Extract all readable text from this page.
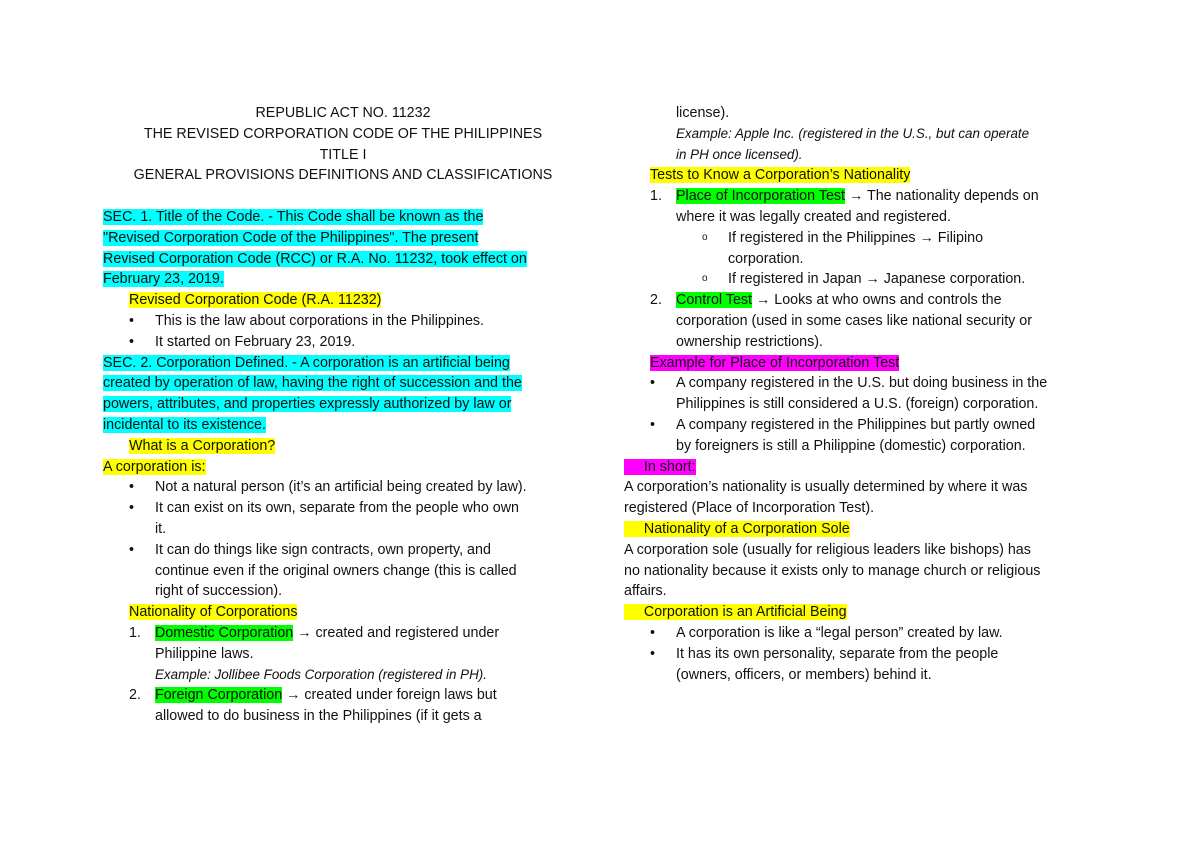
REPUBLIC ACT NO. 11232
THE REVISED CORPORATION CODE OF THE PHILIPPINES
TITLE I
GENERAL PROVISIONS DEFINITIONS AND CLASSIFICATIONS
SEC. 1. Title of the Code. - This Code shall be known as the
"Revised Corporation Code of the Philippines". The present
Revised Corporation Code (RCC) or R.A. No. 11232, took effect on
February 23, 2019.
Revised Corporation Code (R.A. 11232)
• This is the law about corporations in the Philippines.
• It started on February 23, 2019.
SEC. 2. Corporation Defined. - A corporation is an artificial being
created by operation of law, having the right of succession and the
powers, attributes, and properties expressly authorized by law or
incidental to its existence.
What is a Corporation?
A corporation is:
• Not a natural person (it’s an artificial being created by law).
• It can exist on its own, separate from the people who own
it.
• It can do things like sign contracts, own property, and
continue even if the original owners change (this is called
right of succession).
Nationality of Corporations
1. Domestic Corporation → created and registered under
Philippine laws.
Example: Jollibee Foods Corporation (registered in PH).
2. Foreign Corporation → created under foreign laws but
allowed to do business in the Philippines (if it gets a
license).
Example: Apple Inc. (registered in the U.S., but can operate
in PH once licensed).
Tests to Know a Corporation’s Nationality
1. Place of Incorporation Test → The nationality depends on
where it was legally created and registered.
o If registered in the Philippines → Filipino
corporation.
o If registered in Japan → Japanese corporation.
2. Control Test → Looks at who owns and controls the
corporation (used in some cases like national security or
ownership restrictions).
Example for Place of Incorporation Test
• A company registered in the U.S. but doing business in the
Philippines is still considered a U.S. (foreign) corporation.
• A company registered in the Philippines but partly owned
by foreigners is still a Philippine (domestic) corporation.
In short:
A corporation’s nationality is usually determined by where it was
registered (Place of Incorporation Test).
Nationality of a Corporation Sole
A corporation sole (usually for religious leaders like bishops) has
no nationality because it exists only to manage church or religious
affairs.
Corporation is an Artificial Being
• A corporation is like a “legal person” created by law.
• It has its own personality, separate from the people
(owners, officers, or members) behind it.
